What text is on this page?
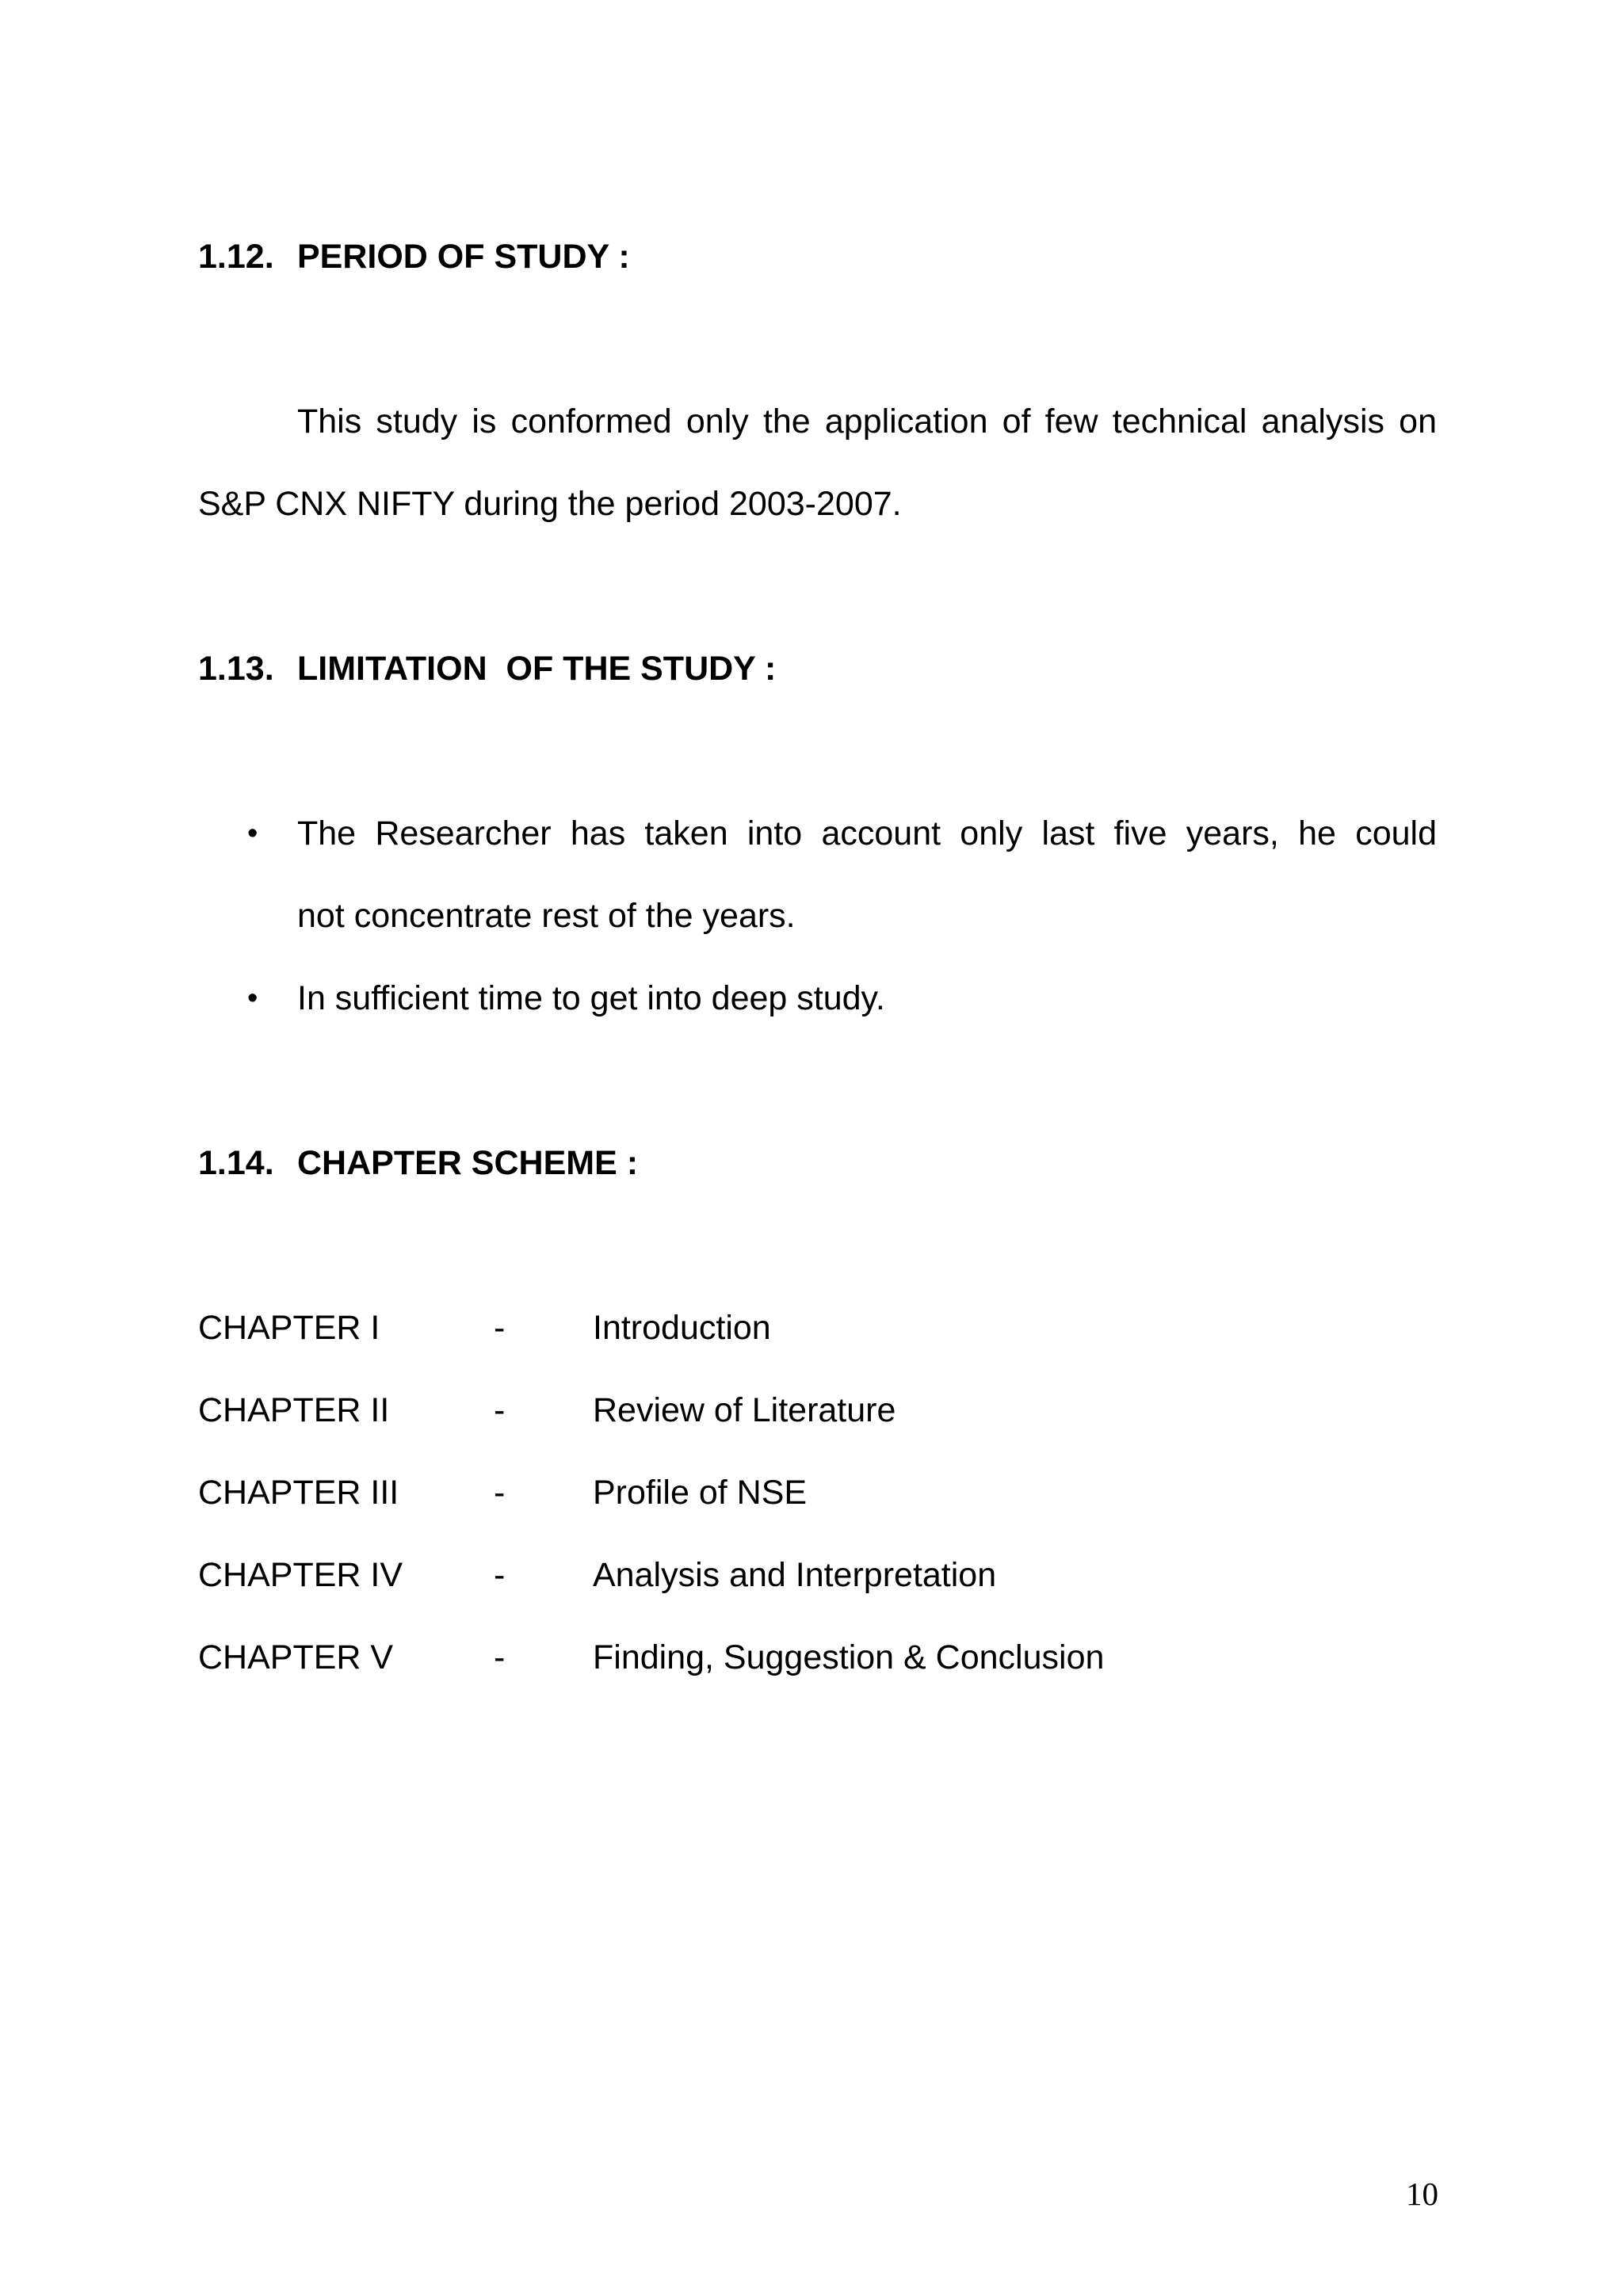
1.12. PERIOD OF STUDY :
This study is conformed only the application of few technical analysis on
S&P CNX NIFTY during the period 2003-2007.
1.13. LIMITATION  OF THE STUDY :
• The Researcher has taken into account only last five years, he could
not concentrate rest of the years.
• In sufficient time to get into deep study.
1.14. CHAPTER SCHEME :
CHAPTER I	-	Introduction
CHAPTER II	-	Review of Literature
CHAPTER III	-	Profile of NSE
CHAPTER IV	-	Analysis and Interpretation
CHAPTER V	-	Finding, Suggestion & Conclusion
10
